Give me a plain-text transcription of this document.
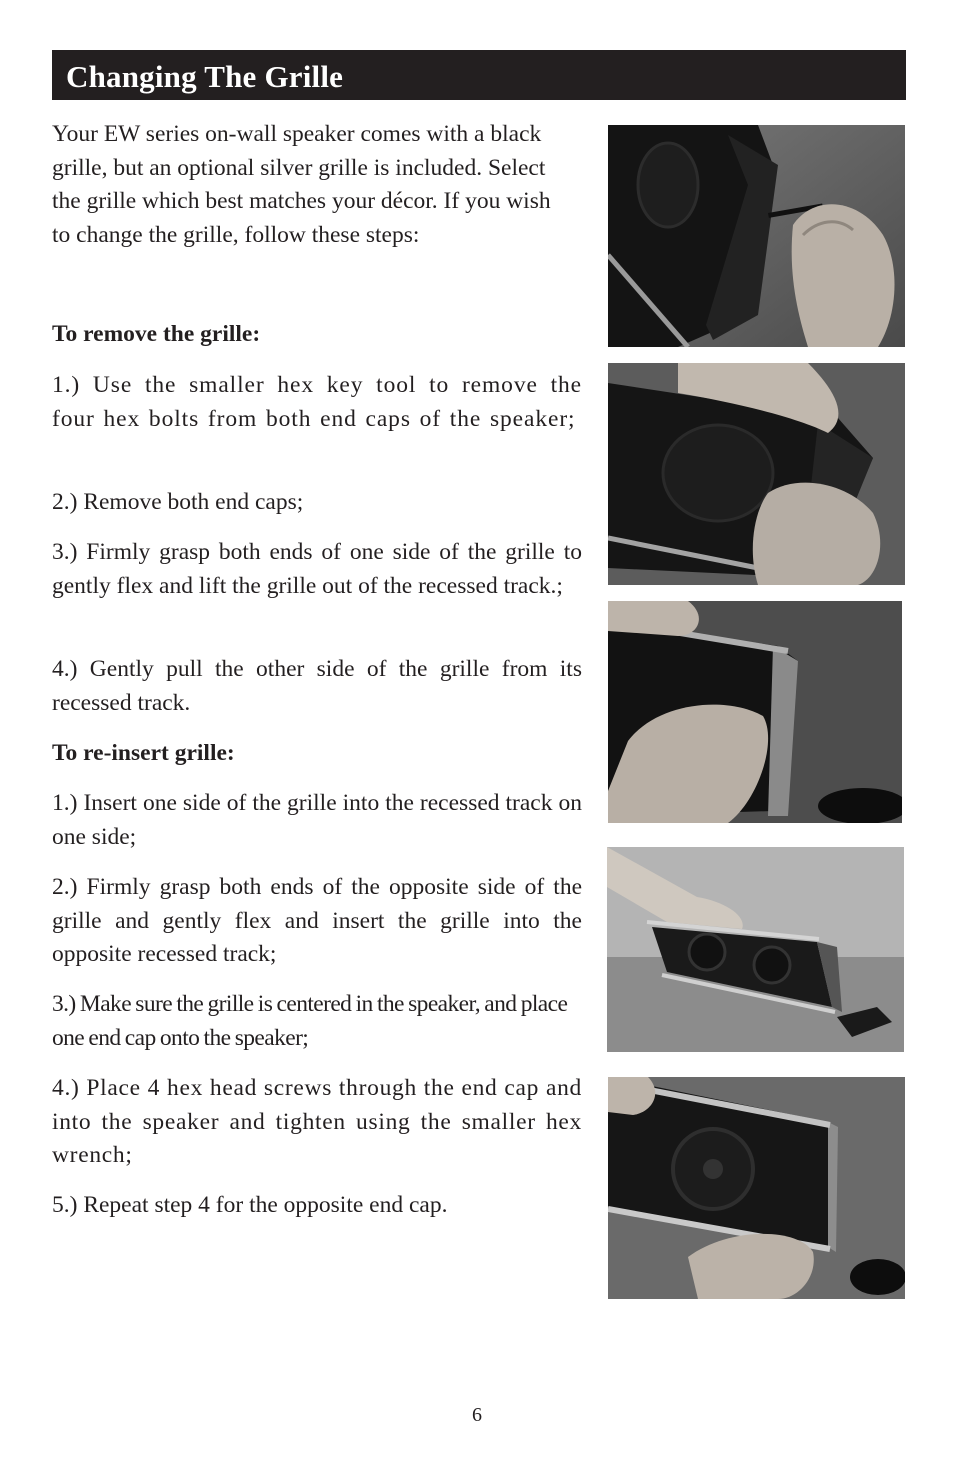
Changing The Grille

Your EW series on-wall speaker comes with a black grille, but an optional silver grille is included. Select the grille which best matches your décor. If you wish to change the grille, follow these steps:

To remove the grille:

1.) Use the smaller hex key tool to remove the four hex bolts from both end caps of the speaker;

2.) Remove both end caps;

3.) Firmly grasp both ends of one side of the grille to gently flex and lift the grille out of the recessed track.;

4.) Gently pull the other side of the grille from its recessed track.

To re-insert grille:

1.) Insert one side of the grille into the recessed track on one side;

2.) Firmly grasp both ends of the opposite side of the grille and gently flex and insert the grille into the opposite recessed track;

3.) Make sure the grille is centered in the speaker, and place one end cap onto the speaker;

4.) Place 4 hex head screws through the end cap and into the speaker and tighten using the smaller hex wrench;

5.) Repeat step 4 for the opposite end cap.

6
